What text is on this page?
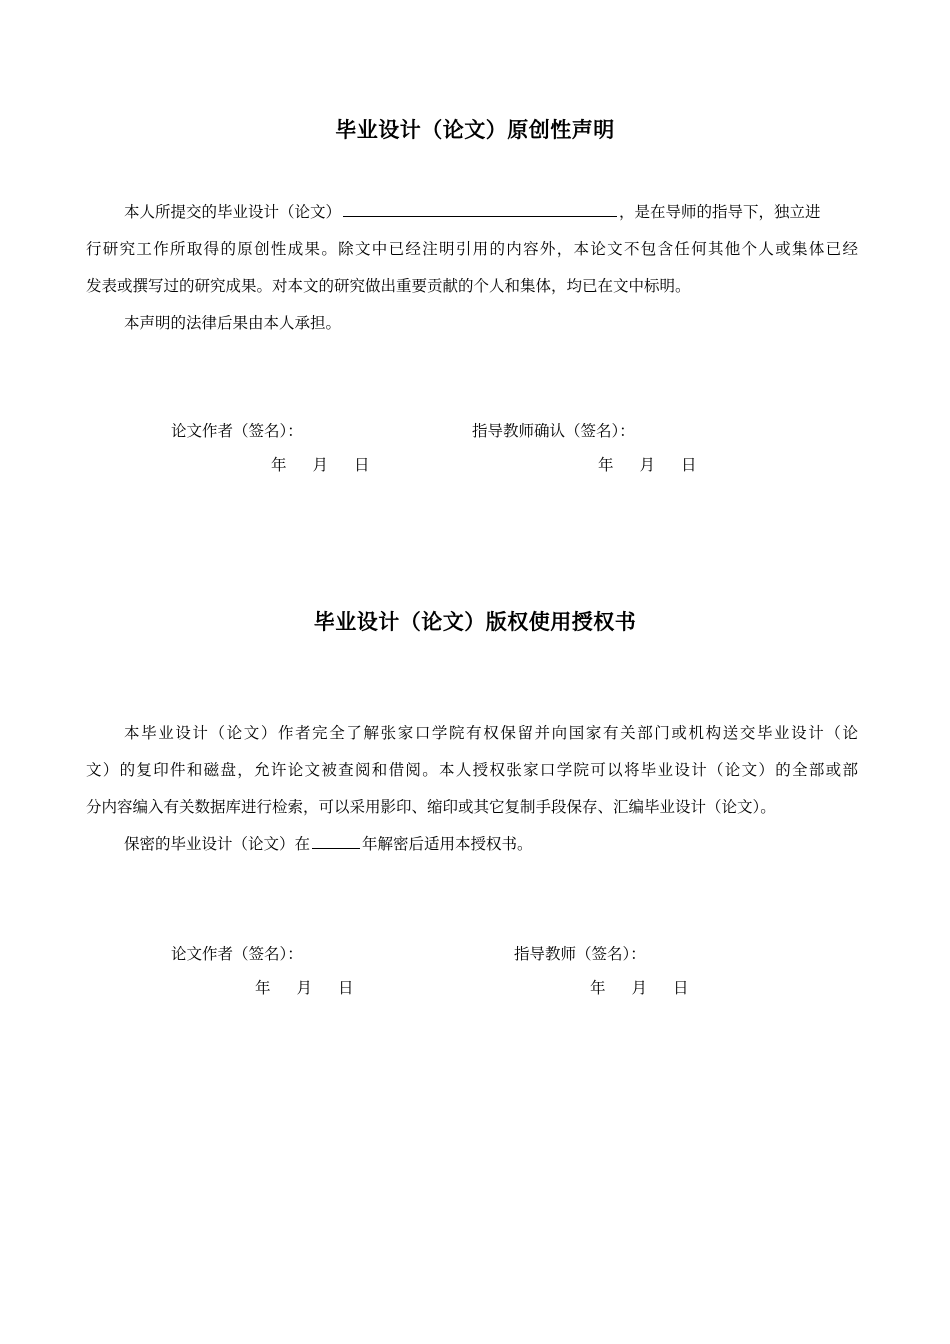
毕业设计（论文）原创性声明
本人所提交的毕业设计（论文）	，是在导师的指导下，独立进
行研究工作所取得的原创性成果。除文中已经注明引用的内容外，本论文不包含任何其他个人或集体已经
发表或撰写过的研究成果。对本文的研究做出重要贡献的个人和集体，均已在文中标明。
本声明的法律后果由本人承担。
论文作者（签名）：	指导教师确认（签名）：
年 月 日	年 月 日
毕业设计（论文）版权使用授权书
本毕业设计（论文）作者完全了解张家口学院有权保留并向国家有关部门或机构送交毕业设计（论
文）的复印件和磁盘，允许论文被查阅和借阅。本人授权张家口学院可以将毕业设计（论文）的全部或部
分内容编入有关数据库进行检索，可以采用影印、缩印或其它复制手段保存、汇编毕业设计（论文）。
保密的毕业设计（论文）在	年解密后适用本授权书。
论文作者（签名）：	指导教师（签名）：
年 月 日	年 月 日
